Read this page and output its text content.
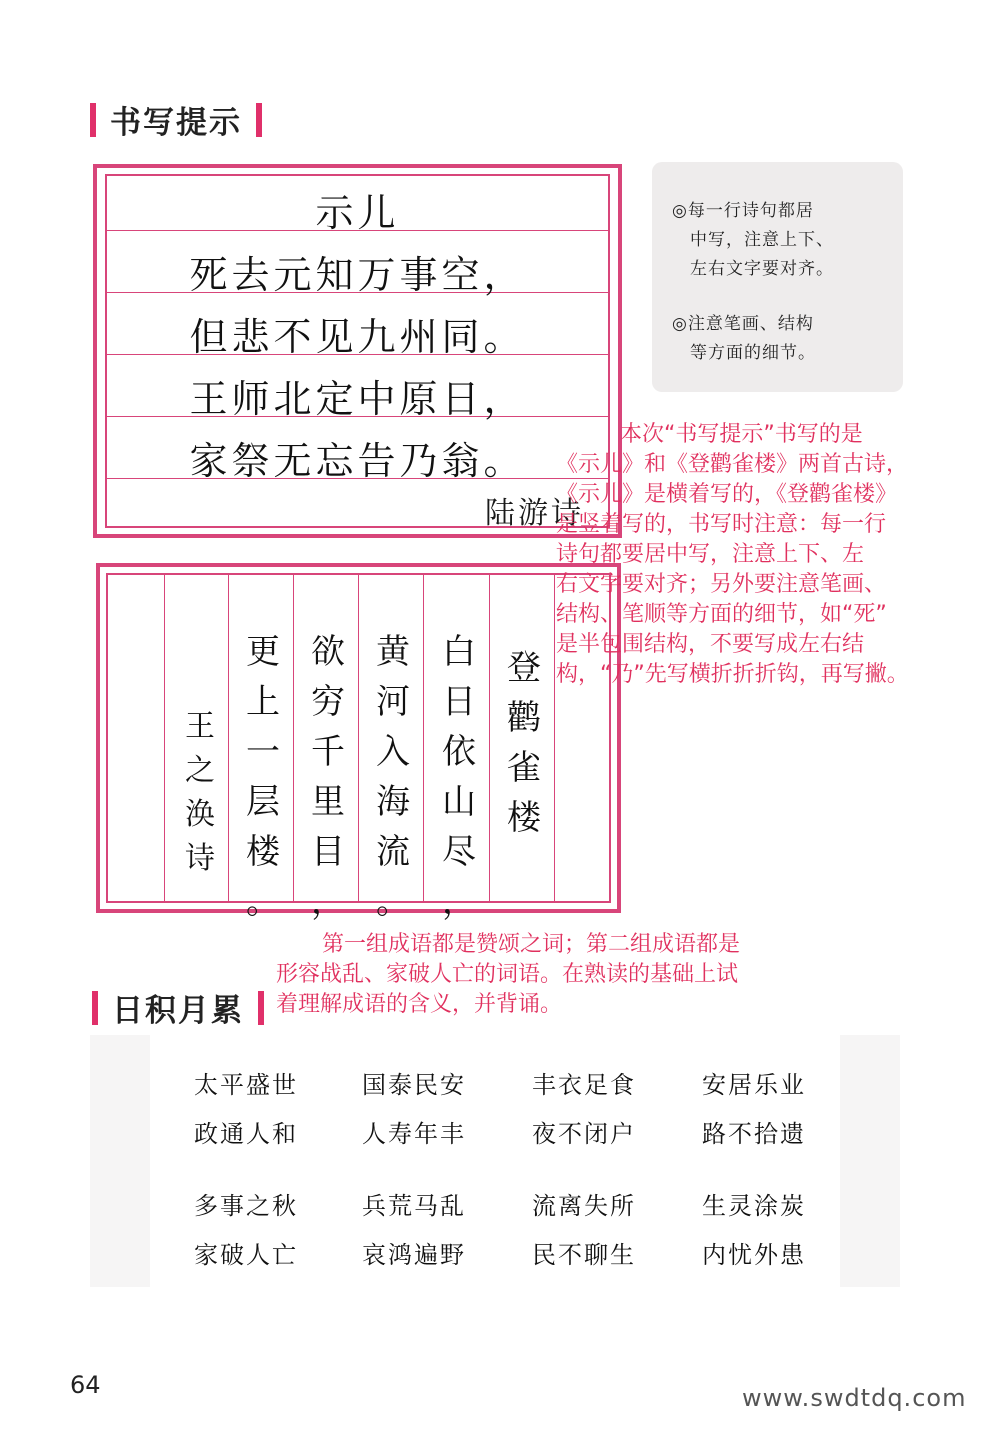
书写提示
示儿
死去元知万事空，
但悲不见九州同。
王师北定中原日，
家祭无忘告乃翁。
陆游诗
◎每一行诗句都居
中写，注意上下、
左右文字要对齐。
◎注意笔画、结构
等方面的细节。
登
鹳
雀
楼
白
日
依
山
尽
，
黄
河
入
海
流
。
欲
穷
千
里
目
，
更
上
一
层
楼
。
王
之
涣
诗
本次“书写提示”书写的是
《示儿》和《登鹳雀楼》两首古诗，
《示儿》是横着写的，《登鹳雀楼》
是竖着写的，书写时注意：每一行
诗句都要居中写，注意上下、左
右文字要对齐；另外要注意笔画、
结构、笔顺等方面的细节，如“死”
是半包围结构，不要写成左右结
构，“乃”先写横折折折钩，再写撇。
第一组成语都是赞颂之词；第二组成语都是
形容战乱、家破人亡的词语。在熟读的基础上试
着理解成语的含义，并背诵。
日积月累
太平盛世	国泰民安	丰衣足食	安居乐业
政通人和	人寿年丰	夜不闭户	路不拾遗
多事之秋	兵荒马乱	流离失所	生灵涂炭
家破人亡	哀鸿遍野	民不聊生	内忧外患
64	www.swdtdq.com
